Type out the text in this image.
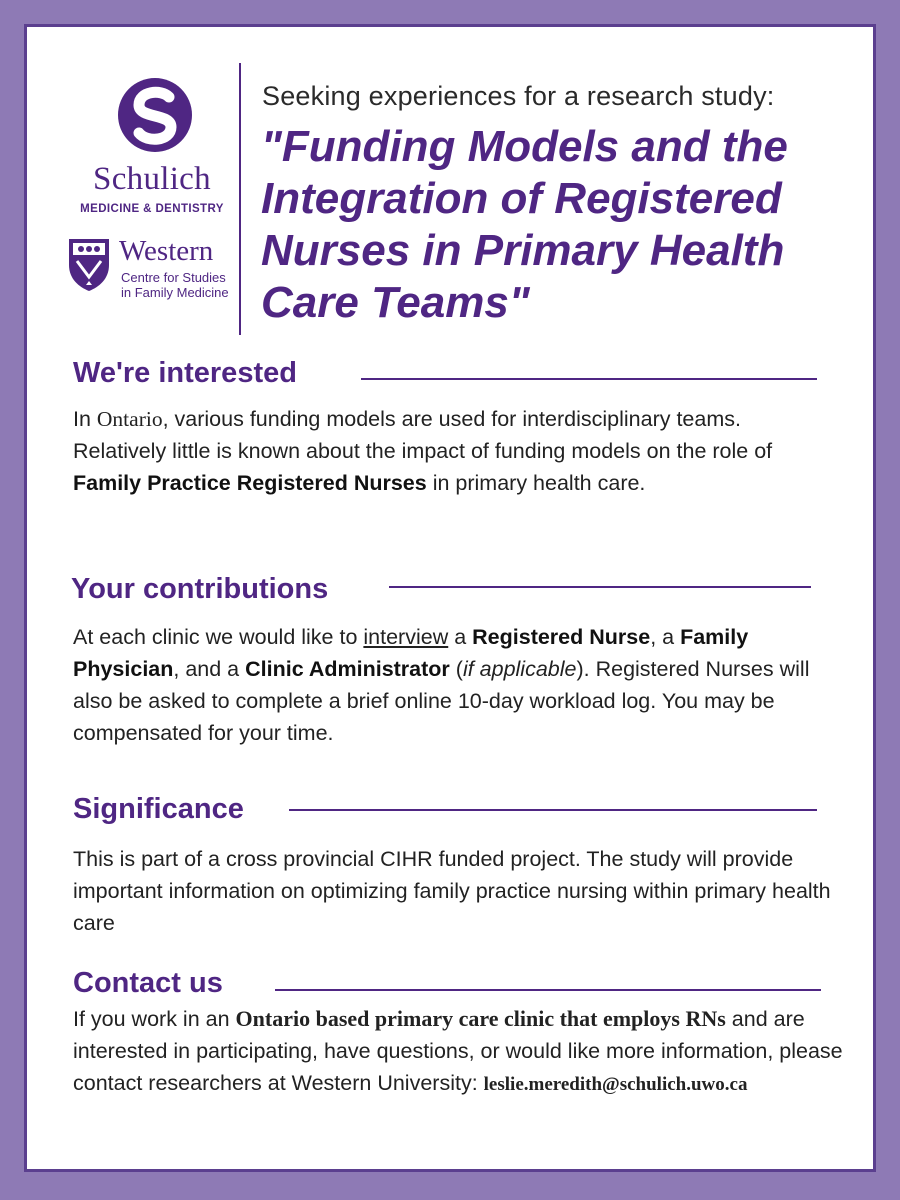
Schulich
MEDICINE & DENTISTRY
Western
Centre for Studies
in Family Medicine
Seeking experiences for a research study:
"Funding Models and the
Integration of Registered
Nurses in Primary Health
Care Teams"
We're interested
In Ontario, various funding models are used for interdisciplinary teams. Relatively little is known about the impact of funding models on the role of Family Practice Registered Nurses in primary health care.
Your contributions
At each clinic we would like to interview a Registered Nurse, a Family Physician, and a Clinic Administrator (if applicable). Registered Nurses will also be asked to complete a brief online 10-day workload log. You may be compensated for your time.
Significance
This is part of a cross provincial CIHR funded project. The study will provide important information on optimizing family practice nursing within primary health care
Contact us
If you work in an Ontario based primary care clinic that employs RNs and are interested in participating, have questions, or would like more information, please contact researchers at Western University: leslie.meredith@schulich.uwo.ca
